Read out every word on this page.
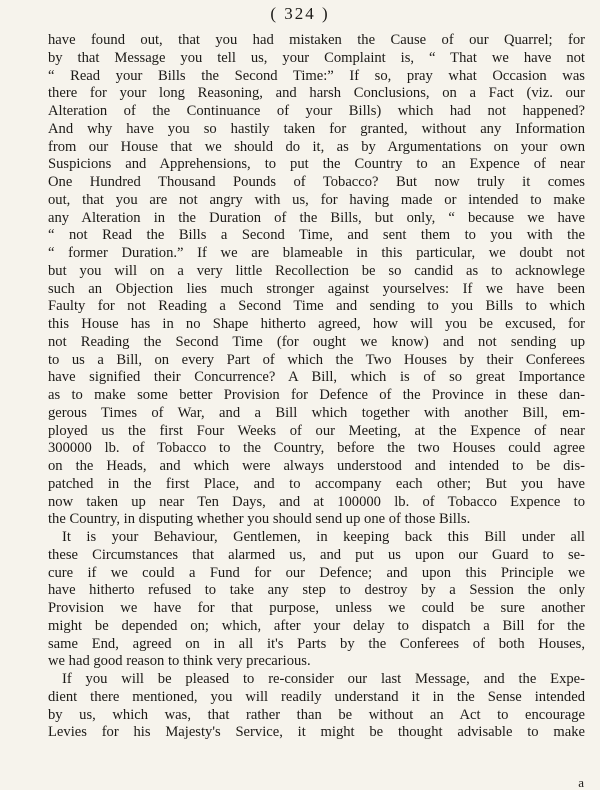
( 324 )
have found out, that you had mistaken the Cause of our Quarrel; for
by that Message you tell us, your Complaint is, “ That we have not
“ Read your Bills the Second Time:” If so, pray what Occasion was
there for your long Reasoning, and harsh Conclusions, on a Fact (viz. our
Alteration of the Continuance of your Bills) which had not happened?
And why have you so hastily taken for granted, without any Information
from our House that we should do it, as by Argumentations on your own
Suspicions and Apprehensions, to put the Country to an Expence of near
One Hundred Thousand Pounds of Tobacco? But now truly it comes
out, that you are not angry with us, for having made or intended to make
any Alteration in the Duration of the Bills, but only, “ because we have
“ not Read the Bills a Second Time, and sent them to you with the
“ former Duration.” If we are blameable in this particular, we doubt not
but you will on a very little Recollection be so candid as to acknowlege
such an Objection lies much stronger against yourselves: If we have been
Faulty for not Reading a Second Time and sending to you Bills to which
this House has in no Shape hitherto agreed, how will you be excused, for
not Reading the Second Time (for ought we know) and not sending up
to us a Bill, on every Part of which the Two Houses by their Conferees
have signified their Concurrence? A Bill, which is of so great Importance
as to make some better Provision for Defence of the Province in these dan-
gerous Times of War, and a Bill which together with another Bill, em-
ployed us the first Four Weeks of our Meeting, at the Expence of near
300000 lb. of Tobacco to the Country, before the two Houses could agree
on the Heads, and which were always understood and intended to be dis-
patched in the first Place, and to accompany each other; But you have
now taken up near Ten Days, and at 100000 lb. of Tobacco Expence to
the Country, in disputing whether you should send up one of those Bills.
It is your Behaviour, Gentlemen, in keeping back this Bill under all
these Circumstances that alarmed us, and put us upon our Guard to se-
cure if we could a Fund for our Defence; and upon this Principle we
have hitherto refused to take any step to destroy by a Session the only
Provision we have for that purpose, unless we could be sure another
might be depended on; which, after your delay to dispatch a Bill for the
same End, agreed on in all it's Parts by the Conferees of both Houses,
we had good reason to think very precarious.
If you will be pleased to re-consider our last Message, and the Expe-
dient there mentioned, you will readily understand it in the Sense intended
by us, which was, that rather than be without an Act to encourage
Levies for his Majesty's Service, it might be thought advisable to make
a
